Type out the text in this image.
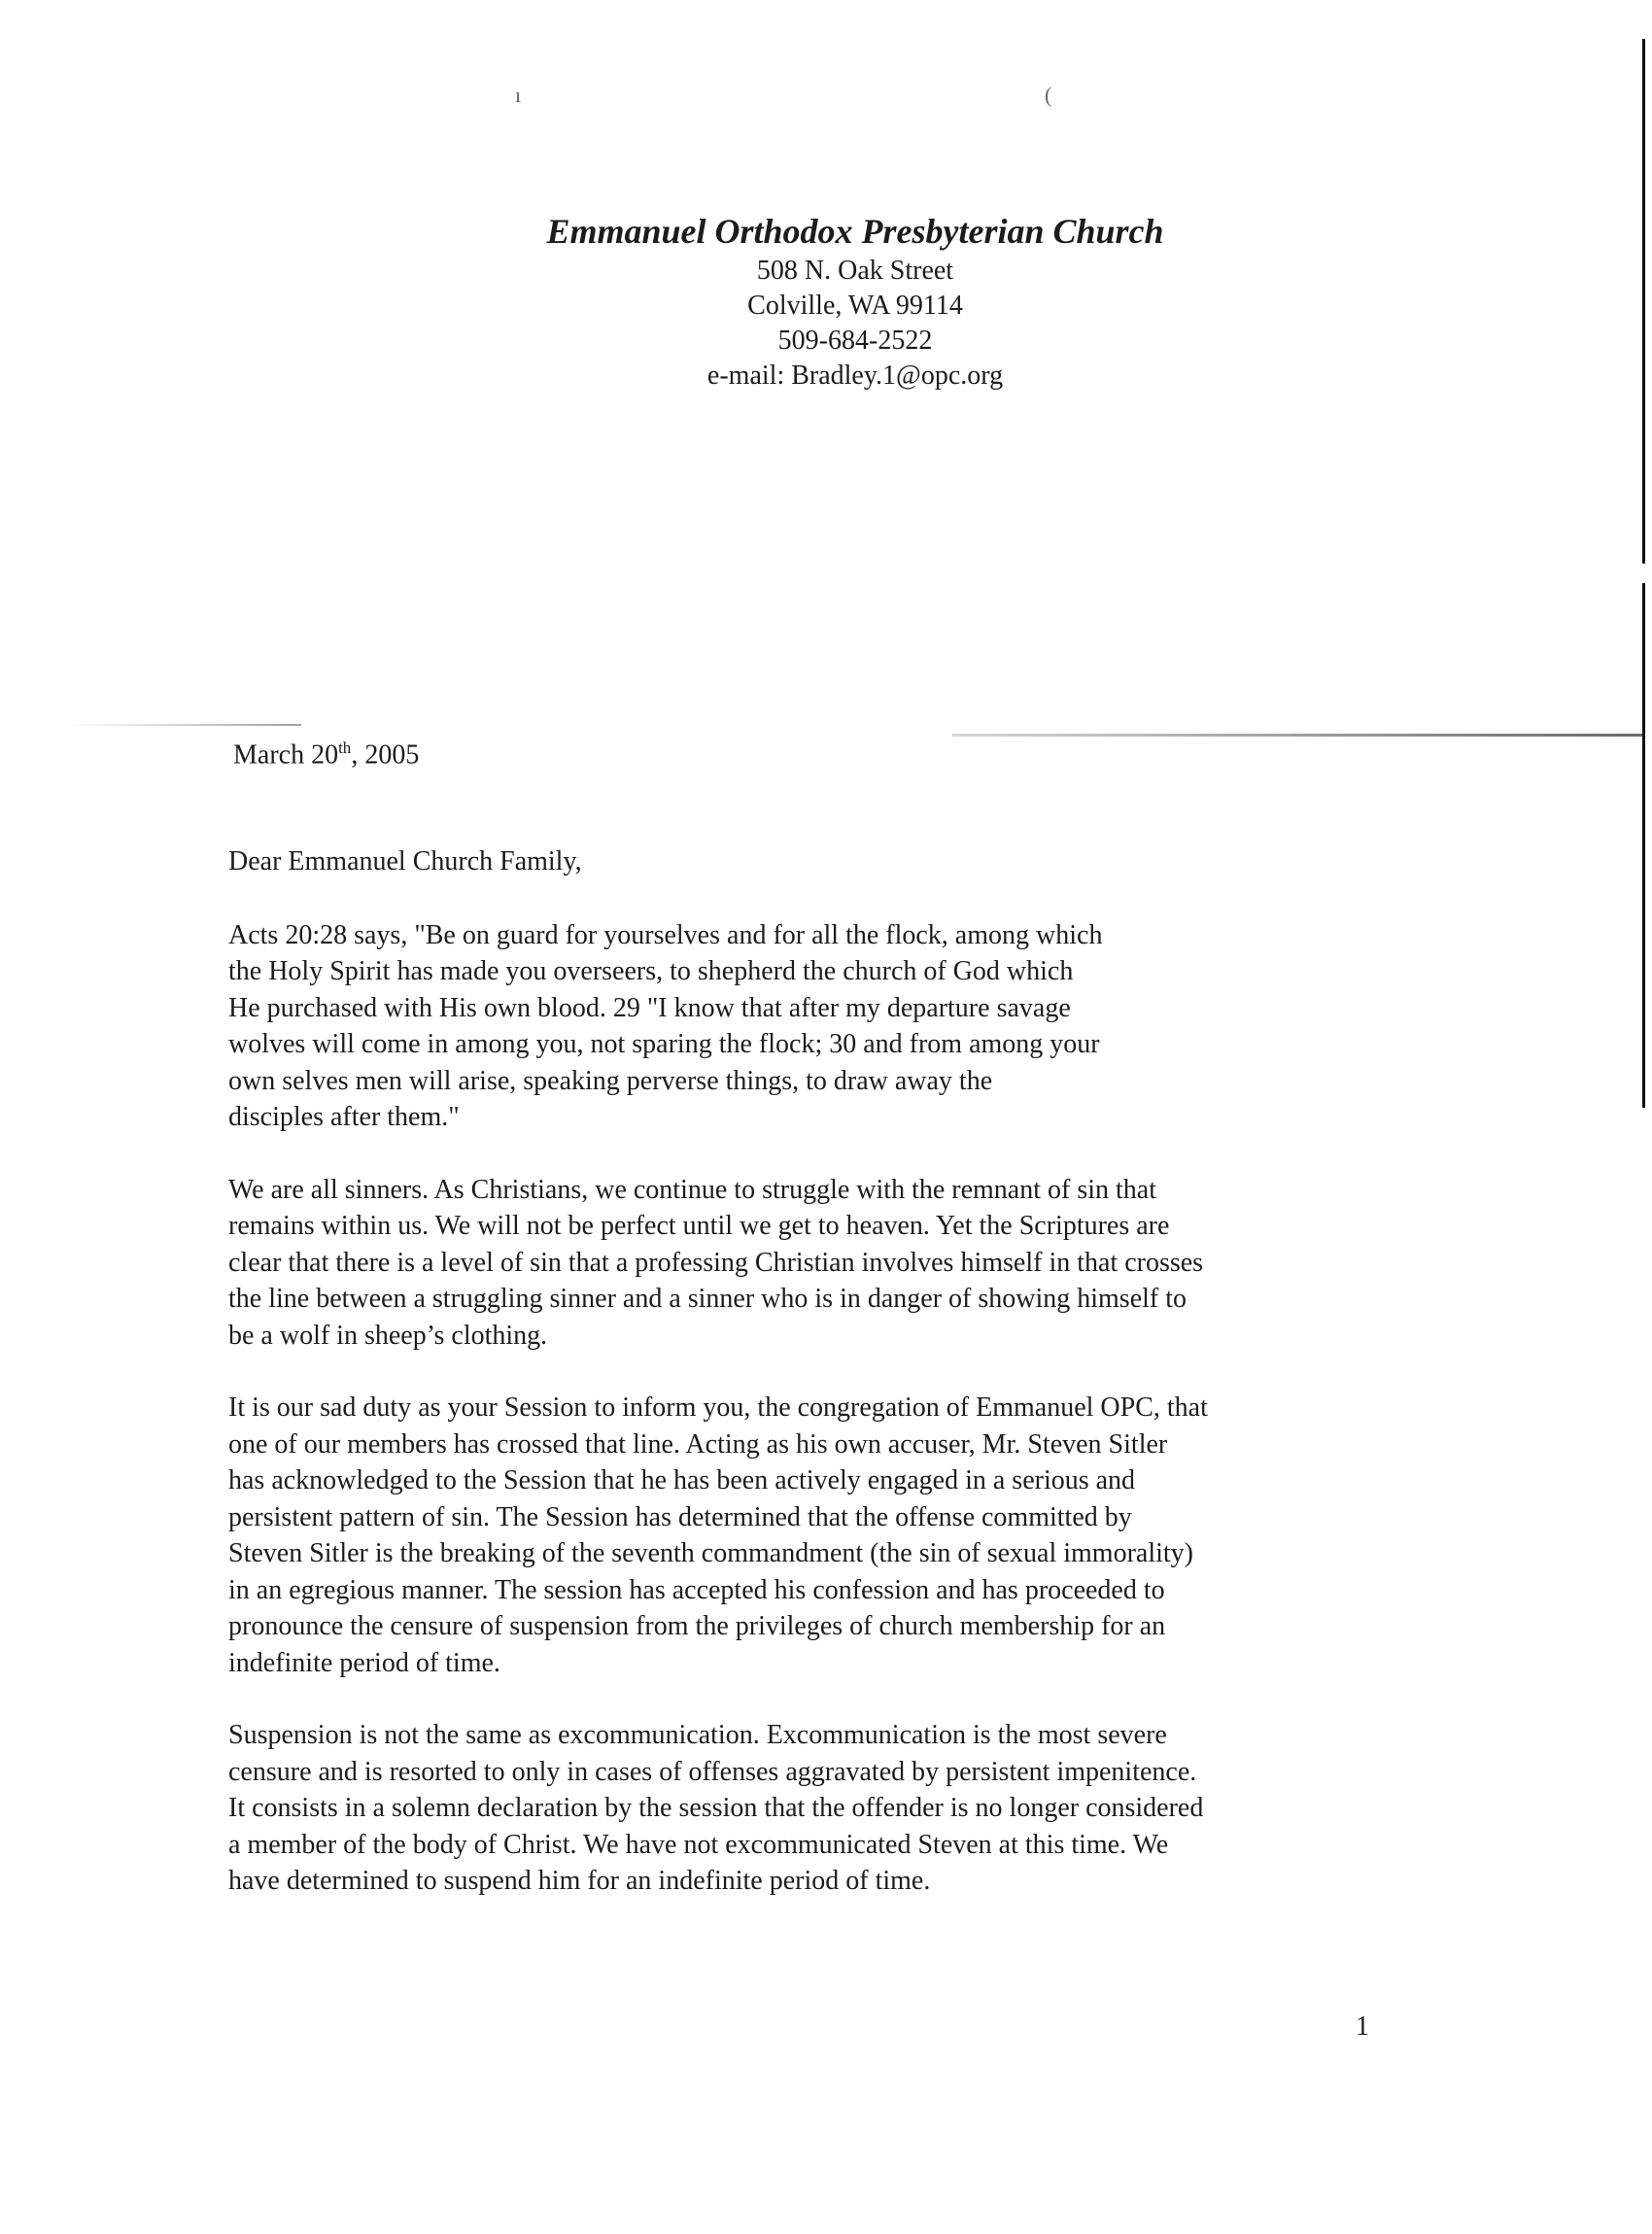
ı	(
Emmanuel Orthodox Presbyterian Church
508 N. Oak Street
Colville, WA 99114
509-684-2522
e-mail: Bradley.1@opc.org
March 20th, 2005

Dear Emmanuel Church Family,

Acts 20:28 says, "Be on guard for yourselves and for all the flock, among which
the Holy Spirit has made you overseers, to shepherd the church of God which
He purchased with His own blood. 29 "I know that after my departure savage
wolves will come in among you, not sparing the flock; 30 and from among your
own selves men will arise, speaking perverse things, to draw away the
disciples after them."

We are all sinners. As Christians, we continue to struggle with the remnant of sin that
remains within us. We will not be perfect until we get to heaven. Yet the Scriptures are
clear that there is a level of sin that a professing Christian involves himself in that crosses
the line between a struggling sinner and a sinner who is in danger of showing himself to
be a wolf in sheep’s clothing.

It is our sad duty as your Session to inform you, the congregation of Emmanuel OPC, that
one of our members has crossed that line. Acting as his own accuser, Mr. Steven Sitler
has acknowledged to the Session that he has been actively engaged in a serious and
persistent pattern of sin. The Session has determined that the offense committed by
Steven Sitler is the breaking of the seventh commandment (the sin of sexual immorality)
in an egregious manner. The session has accepted his confession and has proceeded to
pronounce the censure of suspension from the privileges of church membership for an
indefinite period of time.

Suspension is not the same as excommunication. Excommunication is the most severe
censure and is resorted to only in cases of offenses aggravated by persistent impenitence.
It consists in a solemn declaration by the session that the offender is no longer considered
a member of the body of Christ. We have not excommunicated Steven at this time. We
have determined to suspend him for an indefinite period of time.

1
